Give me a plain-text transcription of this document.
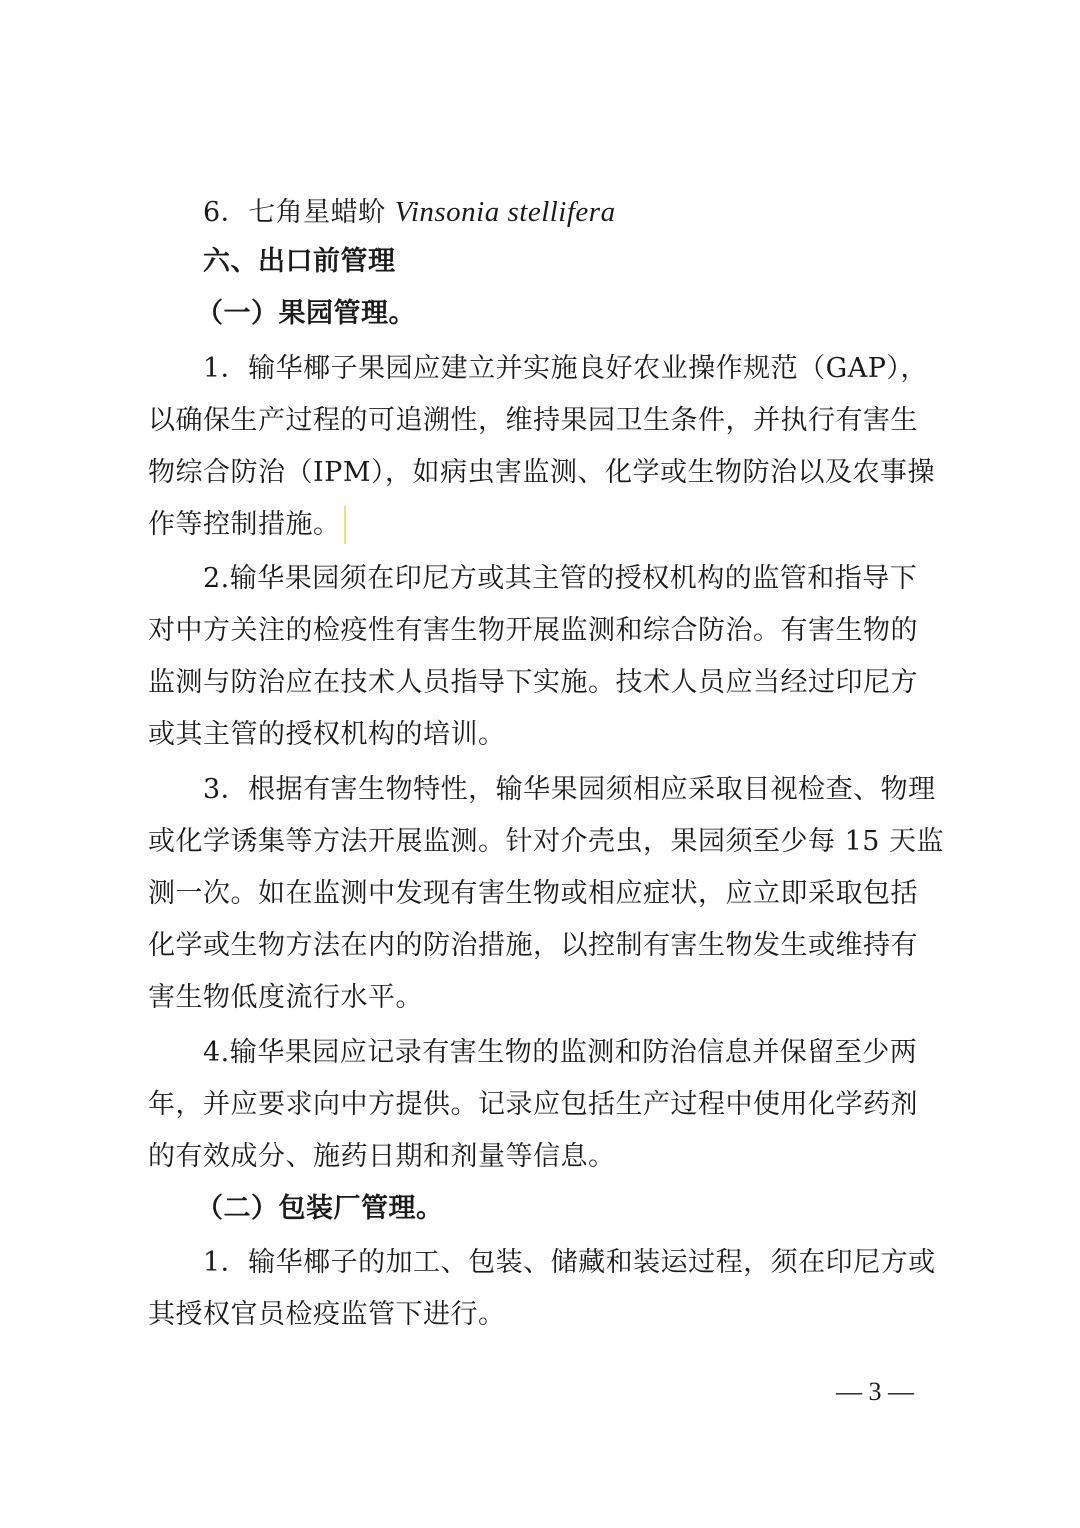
6．七角星蜡蚧 Vinsonia stellifera
六、出口前管理
（一）果园管理。
1．输华椰子果园应建立并实施良好农业操作规范（GAP），
以确保生产过程的可追溯性，维持果园卫生条件，并执行有害生
物综合防治（IPM），如病虫害监测、化学或生物防治以及农事操
作等控制措施。
2.输华果园须在印尼方或其主管的授权机构的监管和指导下
对中方关注的检疫性有害生物开展监测和综合防治。有害生物的
监测与防治应在技术人员指导下实施。技术人员应当经过印尼方
或其主管的授权机构的培训。
3．根据有害生物特性，输华果园须相应采取目视检查、物理
或化学诱集等方法开展监测。针对介壳虫，果园须至少每 15 天监
测一次。如在监测中发现有害生物或相应症状，应立即采取包括
化学或生物方法在内的防治措施，以控制有害生物发生或维持有
害生物低度流行水平。
4.输华果园应记录有害生物的监测和防治信息并保留至少两
年，并应要求向中方提供。记录应包括生产过程中使用化学药剂
的有效成分、施药日期和剂量等信息。
（二）包装厂管理。
1．输华椰子的加工、包装、储藏和装运过程，须在印尼方或
其授权官员检疫监管下进行。
— 3 —
